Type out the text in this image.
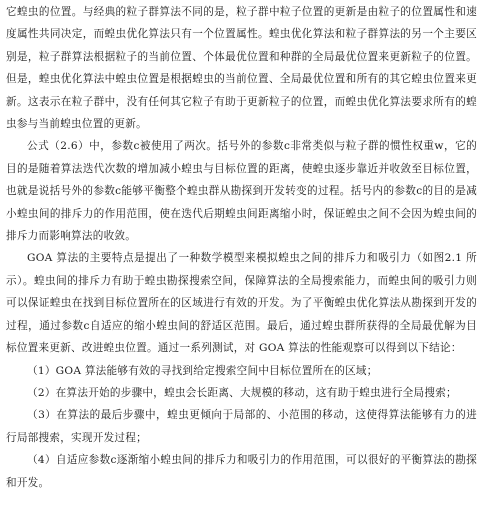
它蝗虫的位置。与经典的粒子群算法不同的是，粒子群中粒子位置的更新是由粒子的位置属性和速度属性共同决定，而蝗虫优化算法只有一个位置属性。蝗虫优化算法和粒子群算法的另一个主要区别是，粒子群算法根据粒子的当前位置、个体最优位置和种群的全局最优位置来更新粒子的位置。但是，蝗虫优化算法中蝗虫位置是根据蝗虫的当前位置、全局最优位置和所有的其它蝗虫位置来更新。这表示在粒子群中，没有任何其它粒子有助于更新粒子的位置，而蝗虫优化算法要求所有的蝗虫参与当前蝗虫位置的更新。

公式（2.6）中，参数c被使用了两次。括号外的参数c非常类似与粒子群的惯性权重w，它的目的是随着算法迭代次数的增加减小蝗虫与目标位置的距离，使蝗虫逐步靠近并收敛至目标位置，也就是说括号外的参数c能够平衡整个蝗虫群从勘探到开发转变的过程。括号内的参数c的目的是减小蝗虫间的排斥力的作用范围，使在迭代后期蝗虫间距离缩小时，保证蝗虫之间不会因为蝗虫间的排斥力而影响算法的收敛。

GOA 算法的主要特点是提出了一种数学模型来模拟蝗虫之间的排斥力和吸引力（如图2.1 所示）。蝗虫间的排斥力有助于蝗虫勘探搜索空间，保障算法的全局搜索能力，而蝗虫间的吸引力则可以保证蝗虫在找到目标位置所在的区域进行有效的开发。为了平衡蝗虫优化算法从勘探到开发的过程，通过参数c自适应的缩小蝗虫间的舒适区范围。最后，通过蝗虫群所获得的全局最优解为目标位置来更新、改进蝗虫位置。通过一系列测试，对 GOA 算法的性能观察可以得到以下结论：

（1）GOA 算法能够有效的寻找到给定搜索空间中目标位置所在的区域；

（2）在算法开始的步骤中，蝗虫会长距离、大规模的移动，这有助于蝗虫进行全局搜索；

（3）在算法的最后步骤中，蝗虫更倾向于局部的、小范围的移动，这使得算法能够有力的进行局部搜索，实现开发过程；

（4）自适应参数c逐渐缩小蝗虫间的排斥力和吸引力的作用范围，可以很好的平衡算法的勘探和开发。
